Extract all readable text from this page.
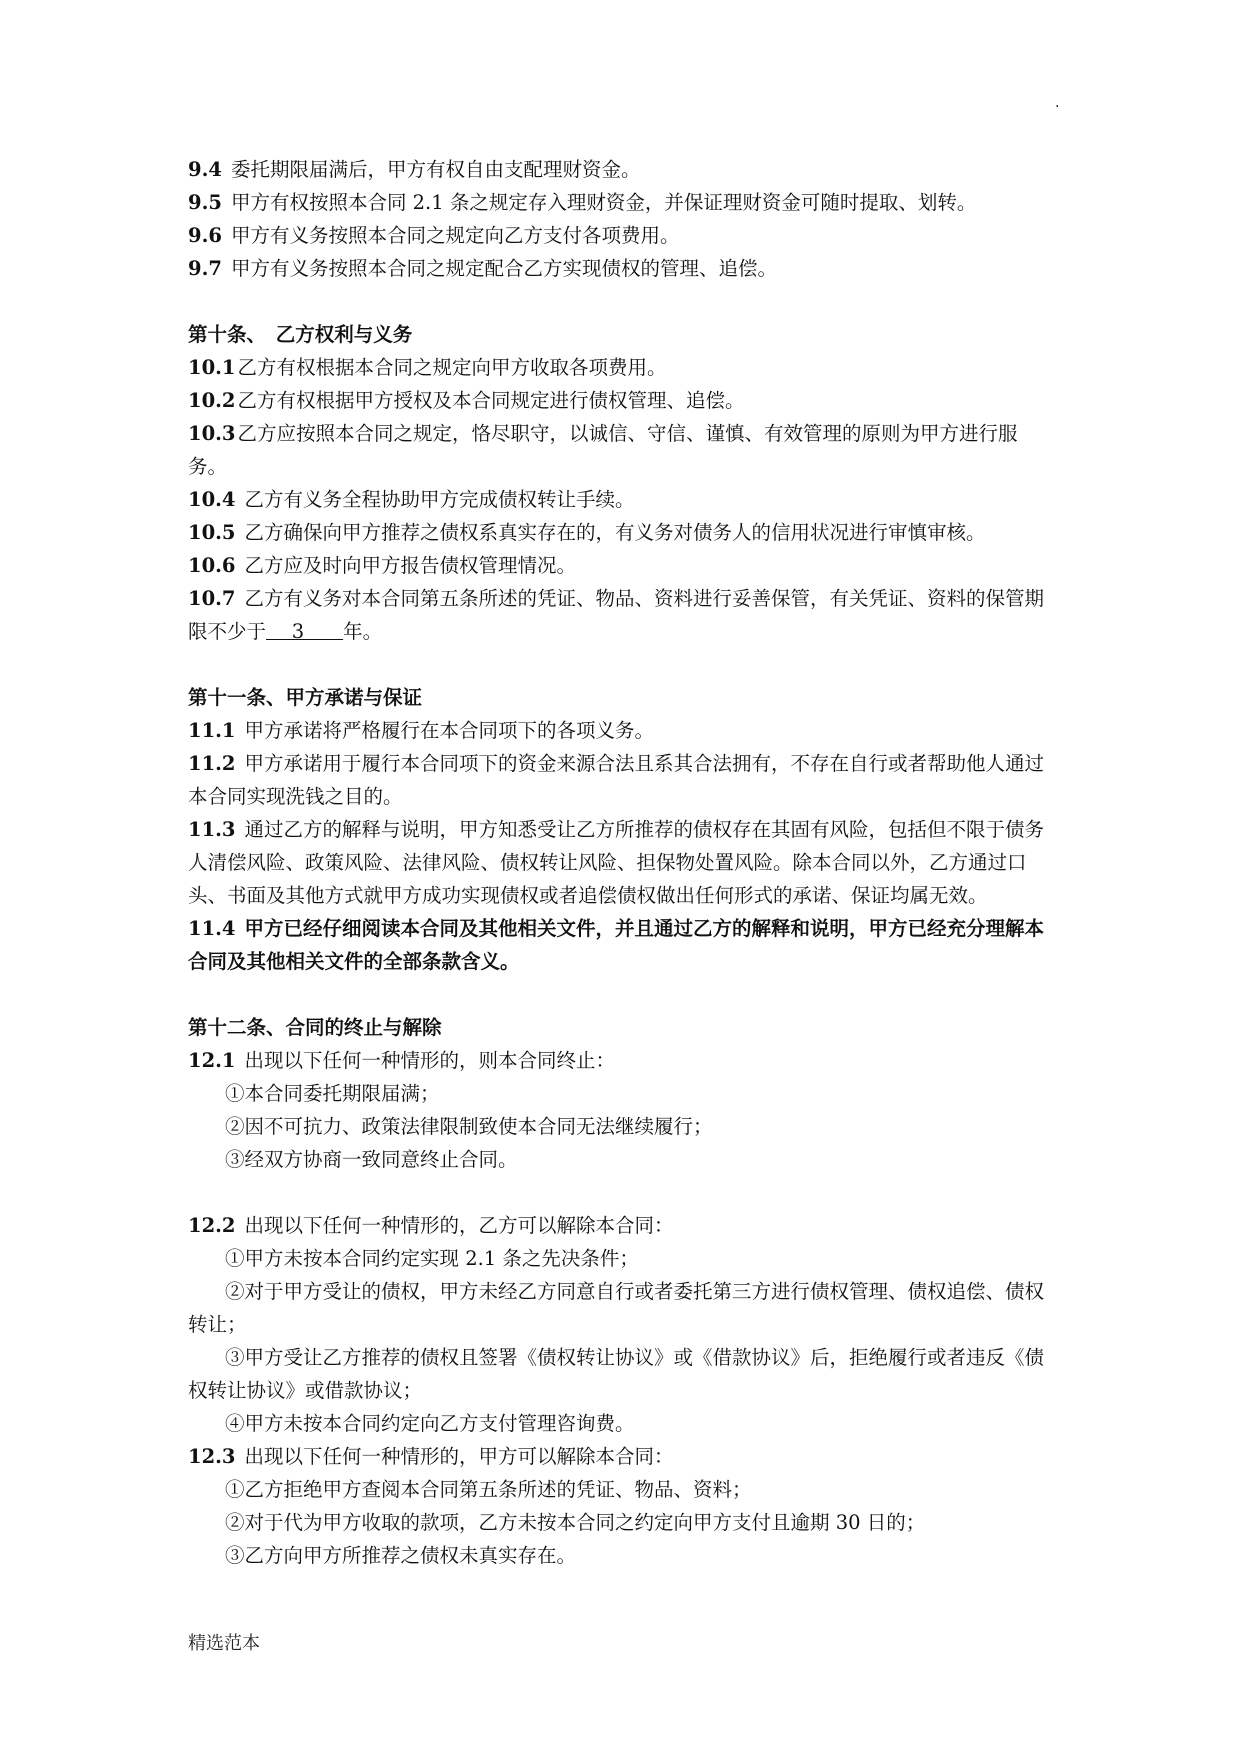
.

9.4 委托期限届满后，甲方有权自由支配理财资金。

9.5 甲方有权按照本合同 2.1 条之规定存入理财资金，并保证理财资金可随时提取、划转。

9.6 甲方有义务按照本合同之规定向乙方支付各项费用。

9.7 甲方有义务按照本合同之规定配合乙方实现债权的管理、追偿。

第十条、　乙方权利与义务

10.1 乙方有权根据本合同之规定向甲方收取各项费用。

10.2 乙方有权根据甲方授权及本合同规定进行债权管理、追偿。

10.3 乙方应按照本合同之规定，恪尽职守，以诚信、守信、谨慎、有效管理的原则为甲方进行服务。

10.4 乙方有义务全程协助甲方完成债权转让手续。

10.5 乙方确保向甲方推荐之债权系真实存在的，有义务对债务人的信用状况进行审慎审核。

10.6 乙方应及时向甲方报告债权管理情况。

10.7 乙方有义务对本合同第五条所述的凭证、物品、资料进行妥善保管，有关凭证、资料的保管期限不少于　 3　　年。

第十一条、甲方承诺与保证

11.1 甲方承诺将严格履行在本合同项下的各项义务。

11.2 甲方承诺用于履行本合同项下的资金来源合法且系其合法拥有，不存在自行或者帮助他人通过本合同实现洗钱之目的。

11.3 通过乙方的解释与说明，甲方知悉受让乙方所推荐的债权存在其固有风险，包括但不限于债务人清偿风险、政策风险、法律风险、债权转让风险、担保物处置风险。除本合同以外，乙方通过口头、书面及其他方式就甲方成功实现债权或者追偿债权做出任何形式的承诺、保证均属无效。

11.4 甲方已经仔细阅读本合同及其他相关文件，并且通过乙方的解释和说明，甲方已经充分理解本合同及其他相关文件的全部条款含义。

第十二条、合同的终止与解除

12.1 出现以下任何一种情形的，则本合同终止：

①本合同委托期限届满；

②因不可抗力、政策法律限制致使本合同无法继续履行；

③经双方协商一致同意终止合同。

12.2 出现以下任何一种情形的，乙方可以解除本合同：

①甲方未按本合同约定实现 2.1 条之先决条件；

②对于甲方受让的债权，甲方未经乙方同意自行或者委托第三方进行债权管理、债权追偿、债权转让；

③甲方受让乙方推荐的债权且签署《债权转让协议》或《借款协议》后，拒绝履行或者违反《债权转让协议》或借款协议；

④甲方未按本合同约定向乙方支付管理咨询费。

12.3 出现以下任何一种情形的，甲方可以解除本合同：

①乙方拒绝甲方查阅本合同第五条所述的凭证、物品、资料；

②对于代为甲方收取的款项，乙方未按本合同之约定向甲方支付且逾期 30 日的；

③乙方向甲方所推荐之债权未真实存在。

精选范本
